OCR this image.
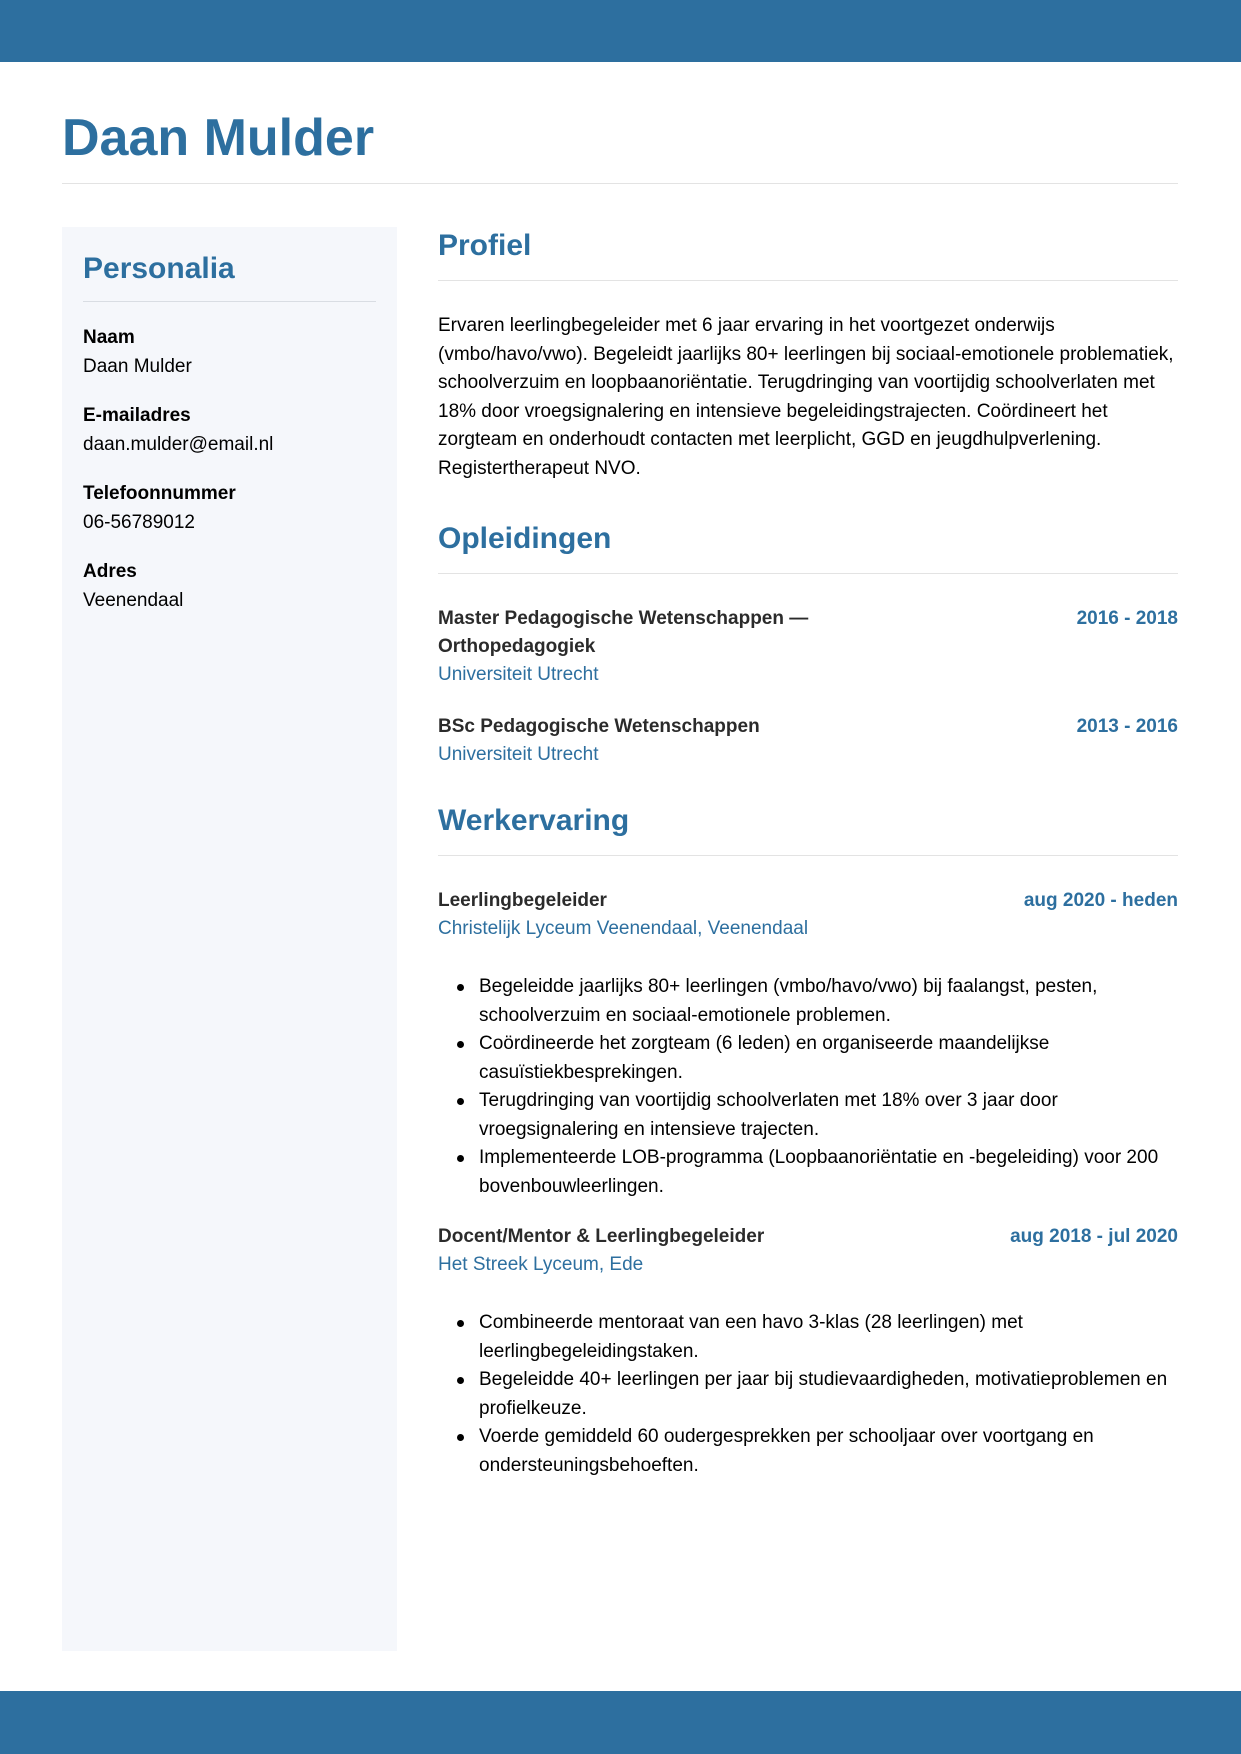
Daan Mulder
Personalia
Naam
Daan Mulder
E-mailadres
daan.mulder@email.nl
Telefoonnummer
06-56789012
Adres
Veenendaal
Profiel

Ervaren leerlingbegeleider met 6 jaar ervaring in het voortgezet onderwijs (vmbo/havo/vwo). Begeleidt jaarlijks 80+ leerlingen bij sociaal-emotionele problematiek, schoolverzuim en loopbaanoriëntatie. Terugdringing van voortijdig schoolverlaten met 18% door vroegsignalering en intensieve begeleidingstrajecten. Coördineert het zorgteam en onderhoudt contacten met leerplicht, GGD en jeugdhulpverlening. Registertherapeut NVO.

Opleidingen
Master Pedagogische Wetenschappen — Orthopedagogiek
2016 - 2018
Universiteit Utrecht
BSc Pedagogische Wetenschappen	2013 - 2016
Universiteit Utrecht
Werkervaring
Leerlingbegeleider	aug 2020 - heden
Christelijk Lyceum Veenendaal, Veenendaal
Begeleidde jaarlijks 80+ leerlingen (vmbo/havo/vwo) bij faalangst, pesten, schoolverzuim en sociaal-emotionele problemen.
Coördineerde het zorgteam (6 leden) en organiseerde maandelijkse casuïstiekbesprekingen.
Terugdringing van voortijdig schoolverlaten met 18% over 3 jaar door vroegsignalering en intensieve trajecten.
Implementeerde LOB-programma (Loopbaanoriëntatie en -begeleiding) voor 200 bovenbouwleerlingen.
Docent/Mentor & Leerlingbegeleider	aug 2018 - jul 2020
Het Streek Lyceum, Ede
Combineerde mentoraat van een havo 3-klas (28 leerlingen) met leerlingbegeleidingstaken.
Begeleidde 40+ leerlingen per jaar bij studievaardigheden, motivatieproblemen en profielkeuze.
Voerde gemiddeld 60 oudergesprekken per schooljaar over voortgang en ondersteuningsbehoeften.
